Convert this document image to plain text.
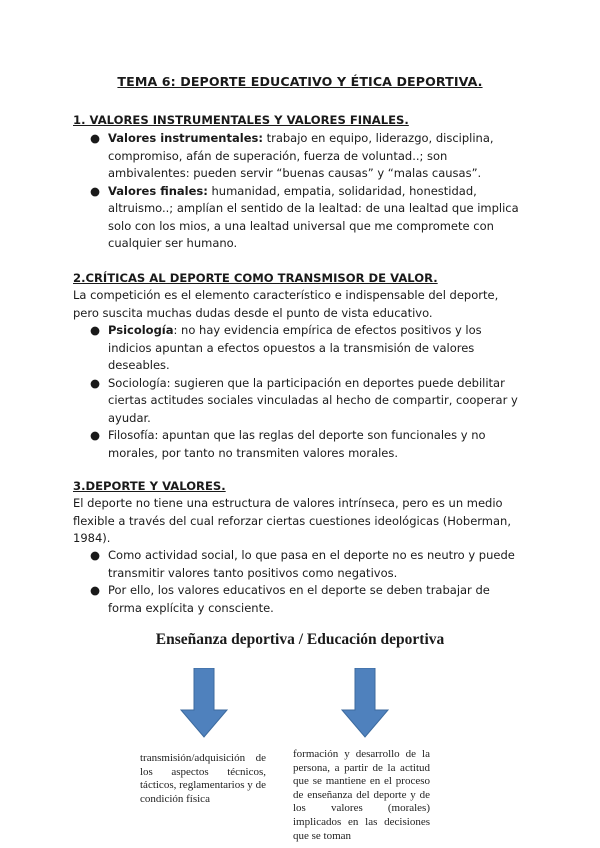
TEMA 6: DEPORTE EDUCATIVO Y ÉTICA DEPORTIVA.
1. VALORES INSTRUMENTALES Y VALORES FINALES.
● Valores instrumentales: trabajo en equipo, liderazgo, disciplina,
compromiso, afán de superación, fuerza de voluntad..; son
ambivalentes: pueden servir “buenas causas” y “malas causas”.
● Valores finales: humanidad, empatia, solidaridad, honestidad,
altruismo..; amplían el sentido de la lealtad: de una lealtad que implica
solo con los mios, a una lealtad universal que me compromete con
cualquier ser humano.
2.CRÍTICAS AL DEPORTE COMO TRANSMISOR DE VALOR.
La competición es el elemento característico e indispensable del deporte,
pero suscita muchas dudas desde el punto de vista educativo.
● Psicología: no hay evidencia empírica de efectos positivos y los
indicios apuntan a efectos opuestos a la transmisión de valores
deseables.
● Sociología: sugieren que la participación en deportes puede debilitar
ciertas actitudes sociales vinculadas al hecho de compartir, cooperar y
ayudar.
● Filosofía: apuntan que las reglas del deporte son funcionales y no
morales, por tanto no transmiten valores morales.
3.DEPORTE Y VALORES.
El deporte no tiene una estructura de valores intrínseca, pero es un medio
flexible a través del cual reforzar ciertas cuestiones ideológicas (Hoberman,
1984).
● Como actividad social, lo que pasa en el deporte no es neutro y puede
transmitir valores tanto positivos como negativos.
● Por ello, los valores educativos en el deporte se deben trabajar de
forma explícita y consciente.
Enseñanza deportiva / Educación deportiva
transmisión/adquisición de los aspectos técnicos, tácticos, reglamentarios y de condición física
formación y desarrollo de la persona, a partir de la actitud que se mantiene en el proceso de enseñanza del deporte y de los valores (morales) implicados en las decisiones que se toman
